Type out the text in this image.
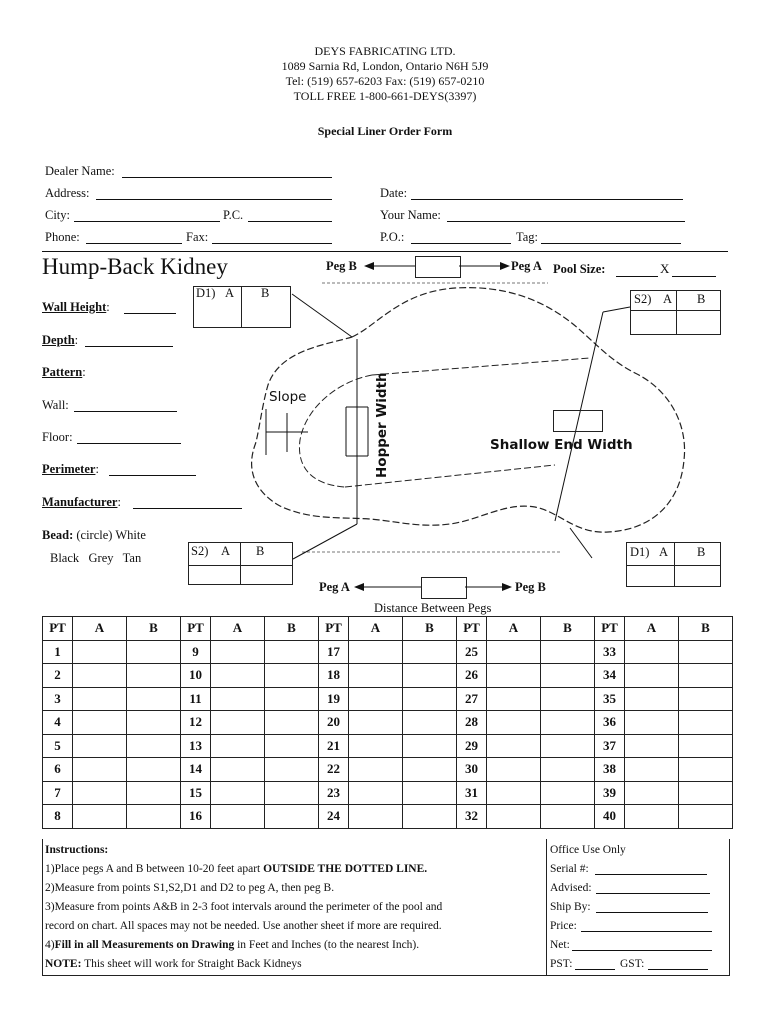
DEYS FABRICATING LTD.
1089 Sarnia Rd, London, Ontario N6H 5J9
Tel: (519) 657-6203 Fax: (519) 657-0210
TOLL FREE 1-800-661-DEYS(3397)
Special Liner Order Form
Dealer Name:
Address:	Date:
City:	P.C.	Your Name:
Phone:	Fax:	P.O.:	Tag:
Hump-Back Kidney	Pool Size:	X
Peg B	Peg A
Peg A	Peg B
Distance Between Pegs
Slope	Hopper Width	Shallow End Width
D1) A B	S2) A B
S2) A B	D1) A B
Wall Height:
Depth:
Pattern:
Wall:
Floor:
Perimeter:
Manufacturer:
Bead: (circle) White
Black   Grey   Tan
PT	A	B	PT	A	B	PT	A	B	PT	A	B	PT	A	B
1			9			17			25			33		
2			10			18			26			34		
3			11			19			27			35		
4			12			20			28			36		
5			13			21			29			37		
6			14			22			30			38		
7			15			23			31			39		
8			16			24			32			40		
Instructions:
1)Place pegs A and B between 10-20 feet apart OUTSIDE THE DOTTED LINE.
2)Measure from points S1,S2,D1 and D2 to peg A, then peg B.
3)Measure from points A&B in 2-3 foot intervals around the perimeter of the pool and
record on chart. All spaces may not be needed. Use another sheet if more are required.
4)Fill in all Measurements on Drawing in Feet and Inches (to the nearest Inch).
NOTE: This sheet will work for Straight Back Kidneys
Office Use Only
Serial #:
Advised:
Ship By:
Price:
Net:
PST:	GST:
